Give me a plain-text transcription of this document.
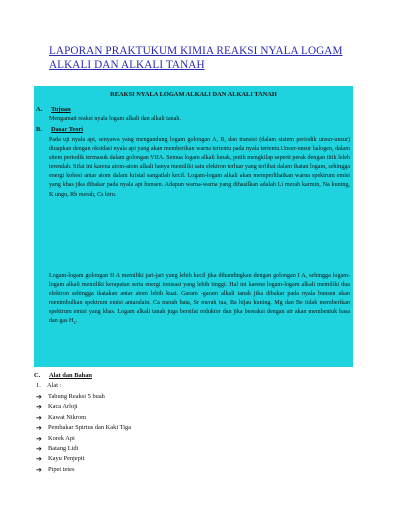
LAPORAN PRAKTUKUM KIMIA REAKSI NYALA LOGAM ALKALI DAN ALKALI TANAH
REAKSI NYALA LOGAM ALKALI DAN ALKALI TANAH
A. Tujuan
Mengamati reaksi nyala logam alkali dan alkali tanah.
B. Dasar Teori
Pada uji nyala api, senyawa yang mengandung logam golongan A, B, dan transisi (dalam sistem periodik unsur-unsur) diuapkan dengan oksidasi nyala api yang akan memberikan warna tertentu pada nyala tertentu.Unsur-unsur halogen, dalam sitem periodik termasuk dalam golongan VIIA. Semua logam alkali lunak, putih mengkilap seperti perak dengan titik leleh terendah. Sifat ini karena atom-atom alkali hanya memiliki satu elektron terluar yang terlibat dalam ikatan logam, sehingga energi kohesi antar atom dalam kristal sangatlah kecil. Logam-logam alkali akan memperlihatkan warna spektrum emisi yang khas jika dibakar pada nyala api bunsen. Adapun warna-warna yang dihasilkan adalah Li merah karmin, Na kuning, K ungu, Rb merah, Cs biru.
Logam-logam golongan II A memiliki jari-jari yang lebih kecil jika dibandingkan dengan golongan I A, sehingga logam-logam alkali memiliki kerapatan serta energi ionisasi yang lebih tinggi. Hal ini karena logam-logam alkali memiliki dua elektron sehingga ikatakan antar atom lebih kuat. Garam -garam alkali tanah jika dibakar pada nyala bunsen akan menimbulkan spektrum emisi antaralain. Ca merah bata, Sr merah tua, Ba hijau kuning. Mg dan Be tidak memberikan spektrum emisi yang khas. Logam alkali tanah juga bersifat reduktor dan jika bereaksi dengan air akan membentuk basa dan gas $H_2$.
C. Alat dan Bahan
1. Alat :
➔ Tabung Reaksi 5 buah
➔ Kaca Arloji
➔ Kawat Nikrom
➔ Pembakar Spirtus dan Kaki Tiga
➔ Korek Api
➔ Batang Lidi
➔ Kayu Penjepit
➔ Pipet tetes
